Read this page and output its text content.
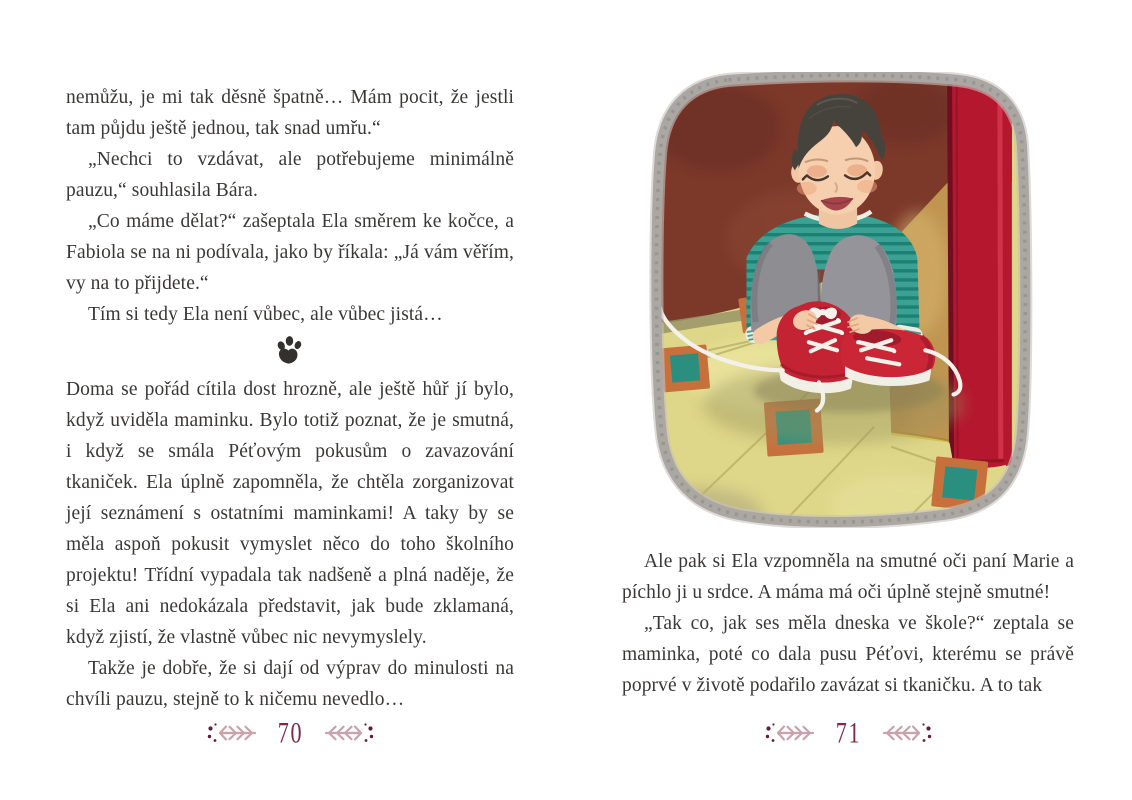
nemůžu, je mi tak děsně špatně… Mám pocit, že jestli tam půjdu ještě jednou, tak snad umřu.“

„Nechci to vzdávat, ale potřebujeme minimálně pauzu,“ souhlasila Bára.

„Co máme dělat?“ zašeptala Ela směrem ke kočce, a Fabiola se na ni podívala, jako by říkala: „Já vám věřím, vy na to přijdete.“

Tím si tedy Ela není vůbec, ale vůbec jistá…

Doma se pořád cítila dost hrozně, ale ještě hůř jí bylo, když uviděla maminku. Bylo totiž poznat, že je smutná, i když se smála Péťovým pokusům o zavazování tkaniček. Ela úplně zapomněla, že chtěla zorganizovat její seznámení s ostatními maminkami! A taky by se měla aspoň pokusit vymyslet něco do toho školního projektu! Třídní vypadala tak nadšeně a plná naděje, že si Ela ani nedokázala představit, jak bude zklamaná, když zjistí, že vlastně vůbec nic nevymyslely.

Takže je dobře, že si dají od výprav do minulosti na chvíli pauzu, stejně to k ničemu nevedlo…

70

Ale pak si Ela vzpomněla na smutné oči paní Marie a píchlo ji u srdce. A máma má oči úplně stejně smutné!

„Tak co, jak ses měla dneska ve škole?“ zeptala se maminka, poté co dala pusu Péťovi, kterému se právě poprvé v životě podařilo zavázat si tkaničku. A to tak

71
